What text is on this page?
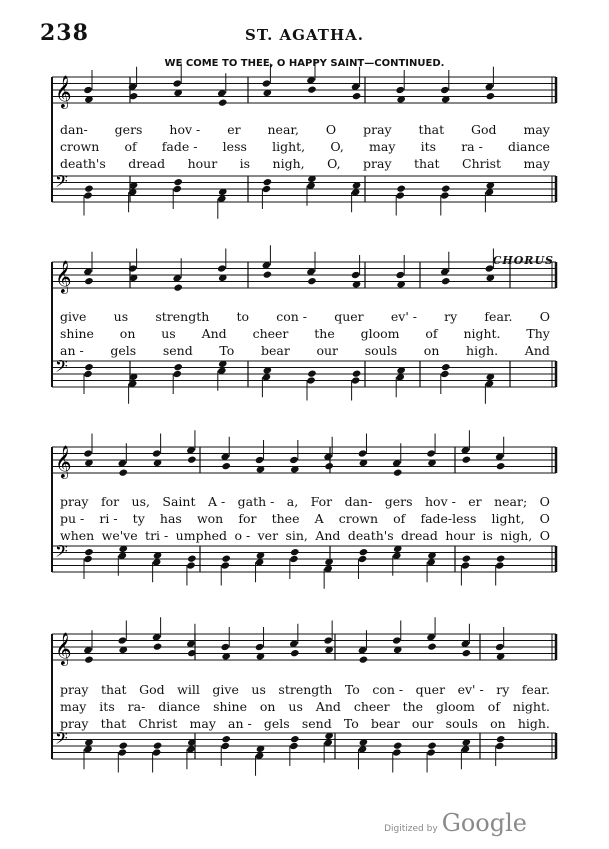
238	ST. AGATHA.
WE COME TO THEE, O HAPPY SAINT—CONTINUED.
CHORUS
𝄞
𝄢
𝄞
𝄢
𝄞
𝄢
𝄞
𝄢
dan- gers hov - er near, O pray that God may
crown of fade - less light, O, may its ra - diance
death's dread hour is nigh, O, pray that Christ may
give us strength to con - quer ev' - ry fear. O
shine on us And cheer the gloom of night. Thy
an - gels send To bear our souls on high. And
pray for us, Saint A - gath - a, For dan- gers hov - er near; O
pu - ri - ty has won for thee A crown of fade-less light, O
when we've tri - umphed o - ver sin, And death's dread hour is nigh, O
pray that God will give us strength To con - quer ev' - ry fear.
may its ra- diance shine on us And cheer the gloom of night.
pray that Christ may an - gels send To bear our souls on high.
Digitized by Google
